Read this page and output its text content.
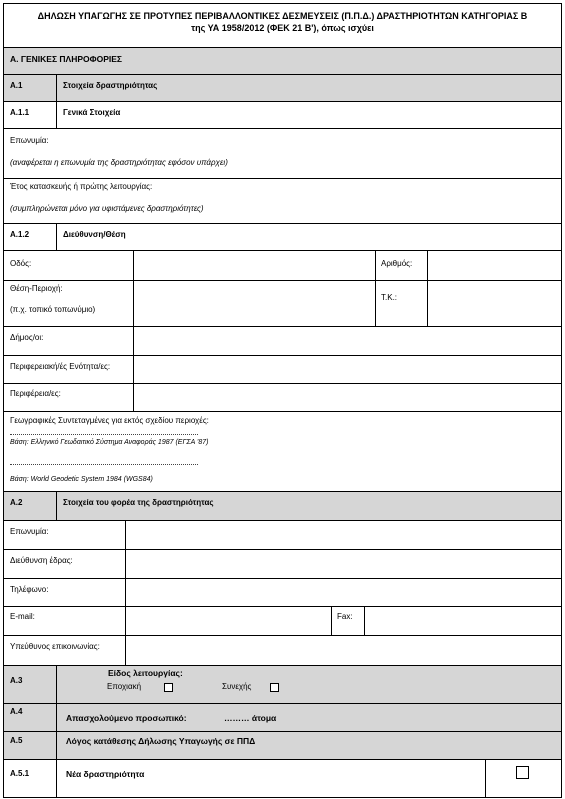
ΔΗΛΩΣΗ ΥΠΑΓΩΓΗΣ ΣΕ ΠΡΟΤΥΠΕΣ ΠΕΡΙΒΑΛΛΟΝΤΙΚΕΣ ΔΕΣΜΕΥΣΕΙΣ (Π.Π.Δ.) ΔΡΑΣΤΗΡΙΟΤΗΤΩΝ ΚΑΤΗΓΟΡΙΑΣ Β
της ΥΑ 1958/2012 (ΦΕΚ 21 Β'), όπως ισχύει
Α. ΓΕΝΙΚΕΣ ΠΛΗΡΟΦΟΡΙΕΣ
Α.1	Στοιχεία δραστηριότητας
Α.1.1	Γενικά Στοιχεία
Επωνυμία:
(αναφέρεται η επωνυμία της δραστηριότητας εφόσον υπάρχει)
Έτος κατασκευής ή πρώτης λειτουργίας:
(συμπληρώνεται μόνο για υφιστάμενες δραστηριότητες)
Α.1.2	Διεύθυνση/Θέση
Οδός:	Αριθμός:
Θέση-Περιοχή:
(π.χ. τοπικό τοπωνύμιο)
Τ.Κ.:
Δήμος/οι:
Περιφερειακή/ές Ενότητα/ες:
Περιφέρεια/ες:
Γεωγραφικές Συντεταγμένες για εκτός σχεδίου περιοχές:
Βάση: Ελληνικό Γεωδαιτικό Σύστημα Αναφοράς 1987 (ΕΓΣΑ '87)
Βάση: World Geodetic System 1984 (WGS84)
Α.2	Στοιχεία του φορέα της δραστηριότητας
Επωνυμία:
Διεύθυνση έδρας:
Τηλέφωνο:
E-mail:	Fax:
Υπεύθυνος επικοινωνίας:
Α.3
Είδος λειτουργίας:
Εποχιακή	Συνεχής
Α.4
Απασχολούμενο προσωπικό:	……… άτομα
Α.5	Λόγος κατάθεσης Δήλωσης Υπαγωγής σε ΠΠΔ
Α.5.1	Νέα δραστηριότητα
